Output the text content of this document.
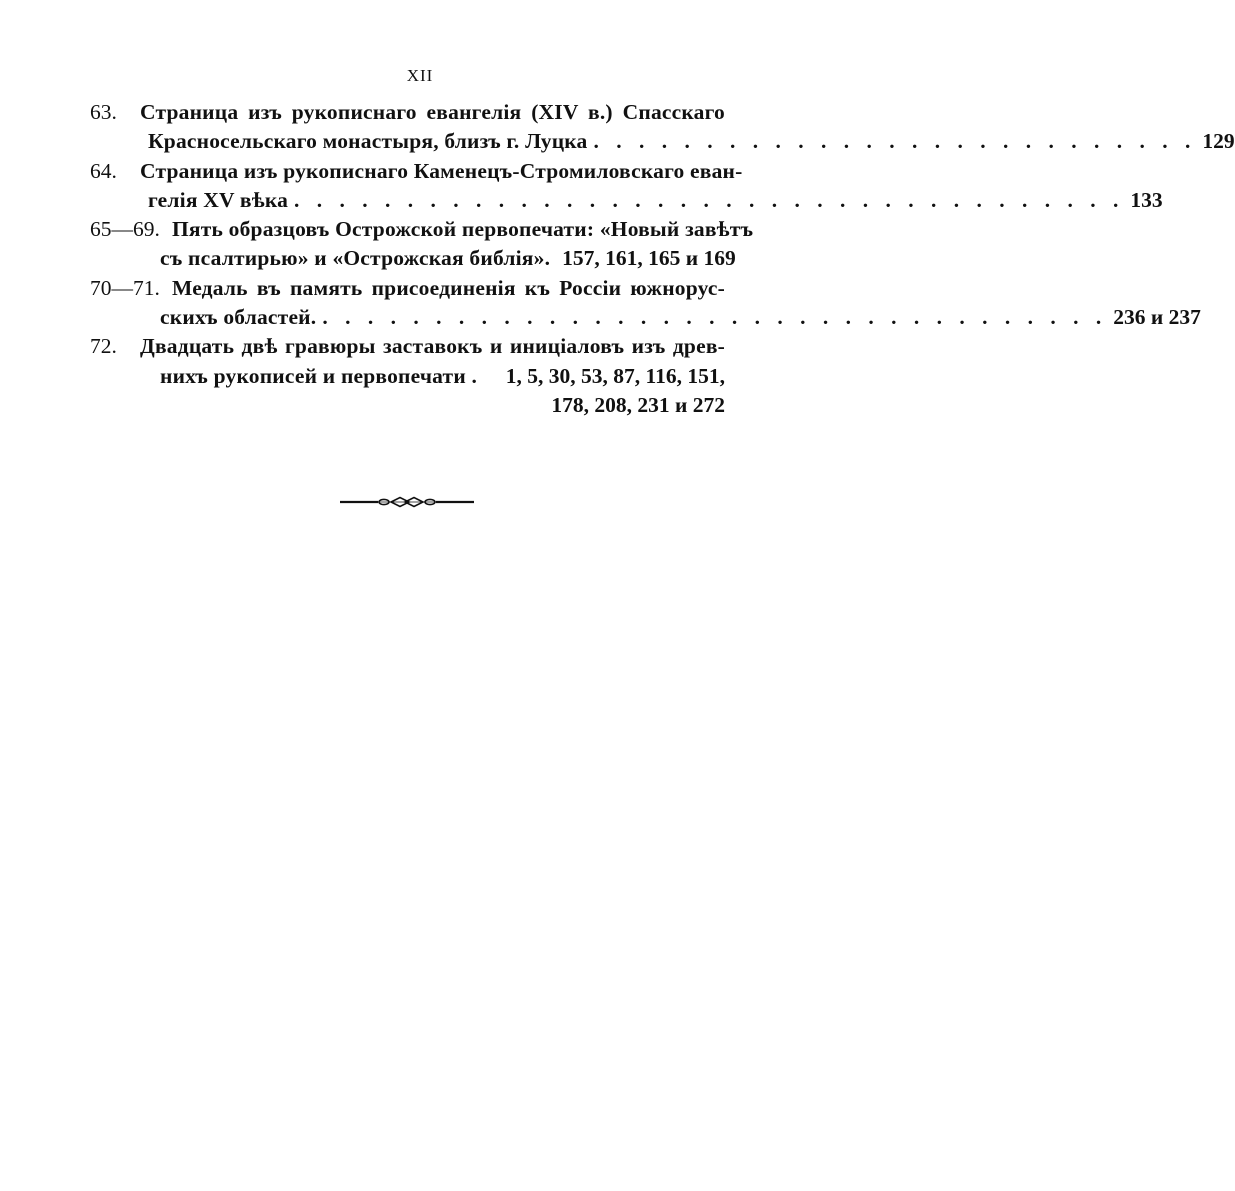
XII
63.	Страница изъ рукописнаго евангелія (XIV в.) Спасскаго
Красносельскаго монастыря, близъ г. Луцка . . . . . . . . . . . . . . . . . . . . . . . . . . . 129
64.	Страница изъ рукописнаго Каменецъ-Стромиловскаго еван-
гелія XV вѣка . . . . . . . . . . . . . . . . . . . . . . . . . . . . . . . . . . . . . 133
65—69. Пять образцовъ Острожской первопечати: «Новый завѣтъ
съ псалтирью» и «Острожская библія». 157, 161, 165 и 169
70—71. Медаль въ память присоединенія къ Россіи южнорус-
скихъ областей. . . . . . . . . . . . . . . . . . . . . . . . . . . . . . . . . . . . 236 и 237
72.	Двадцать двѣ гравюры заставокъ и иниціаловъ изъ древ-
нихъ рукописей и первопечати . 1, 5, 30, 53, 87, 116, 151,
178, 208, 231 и 272
